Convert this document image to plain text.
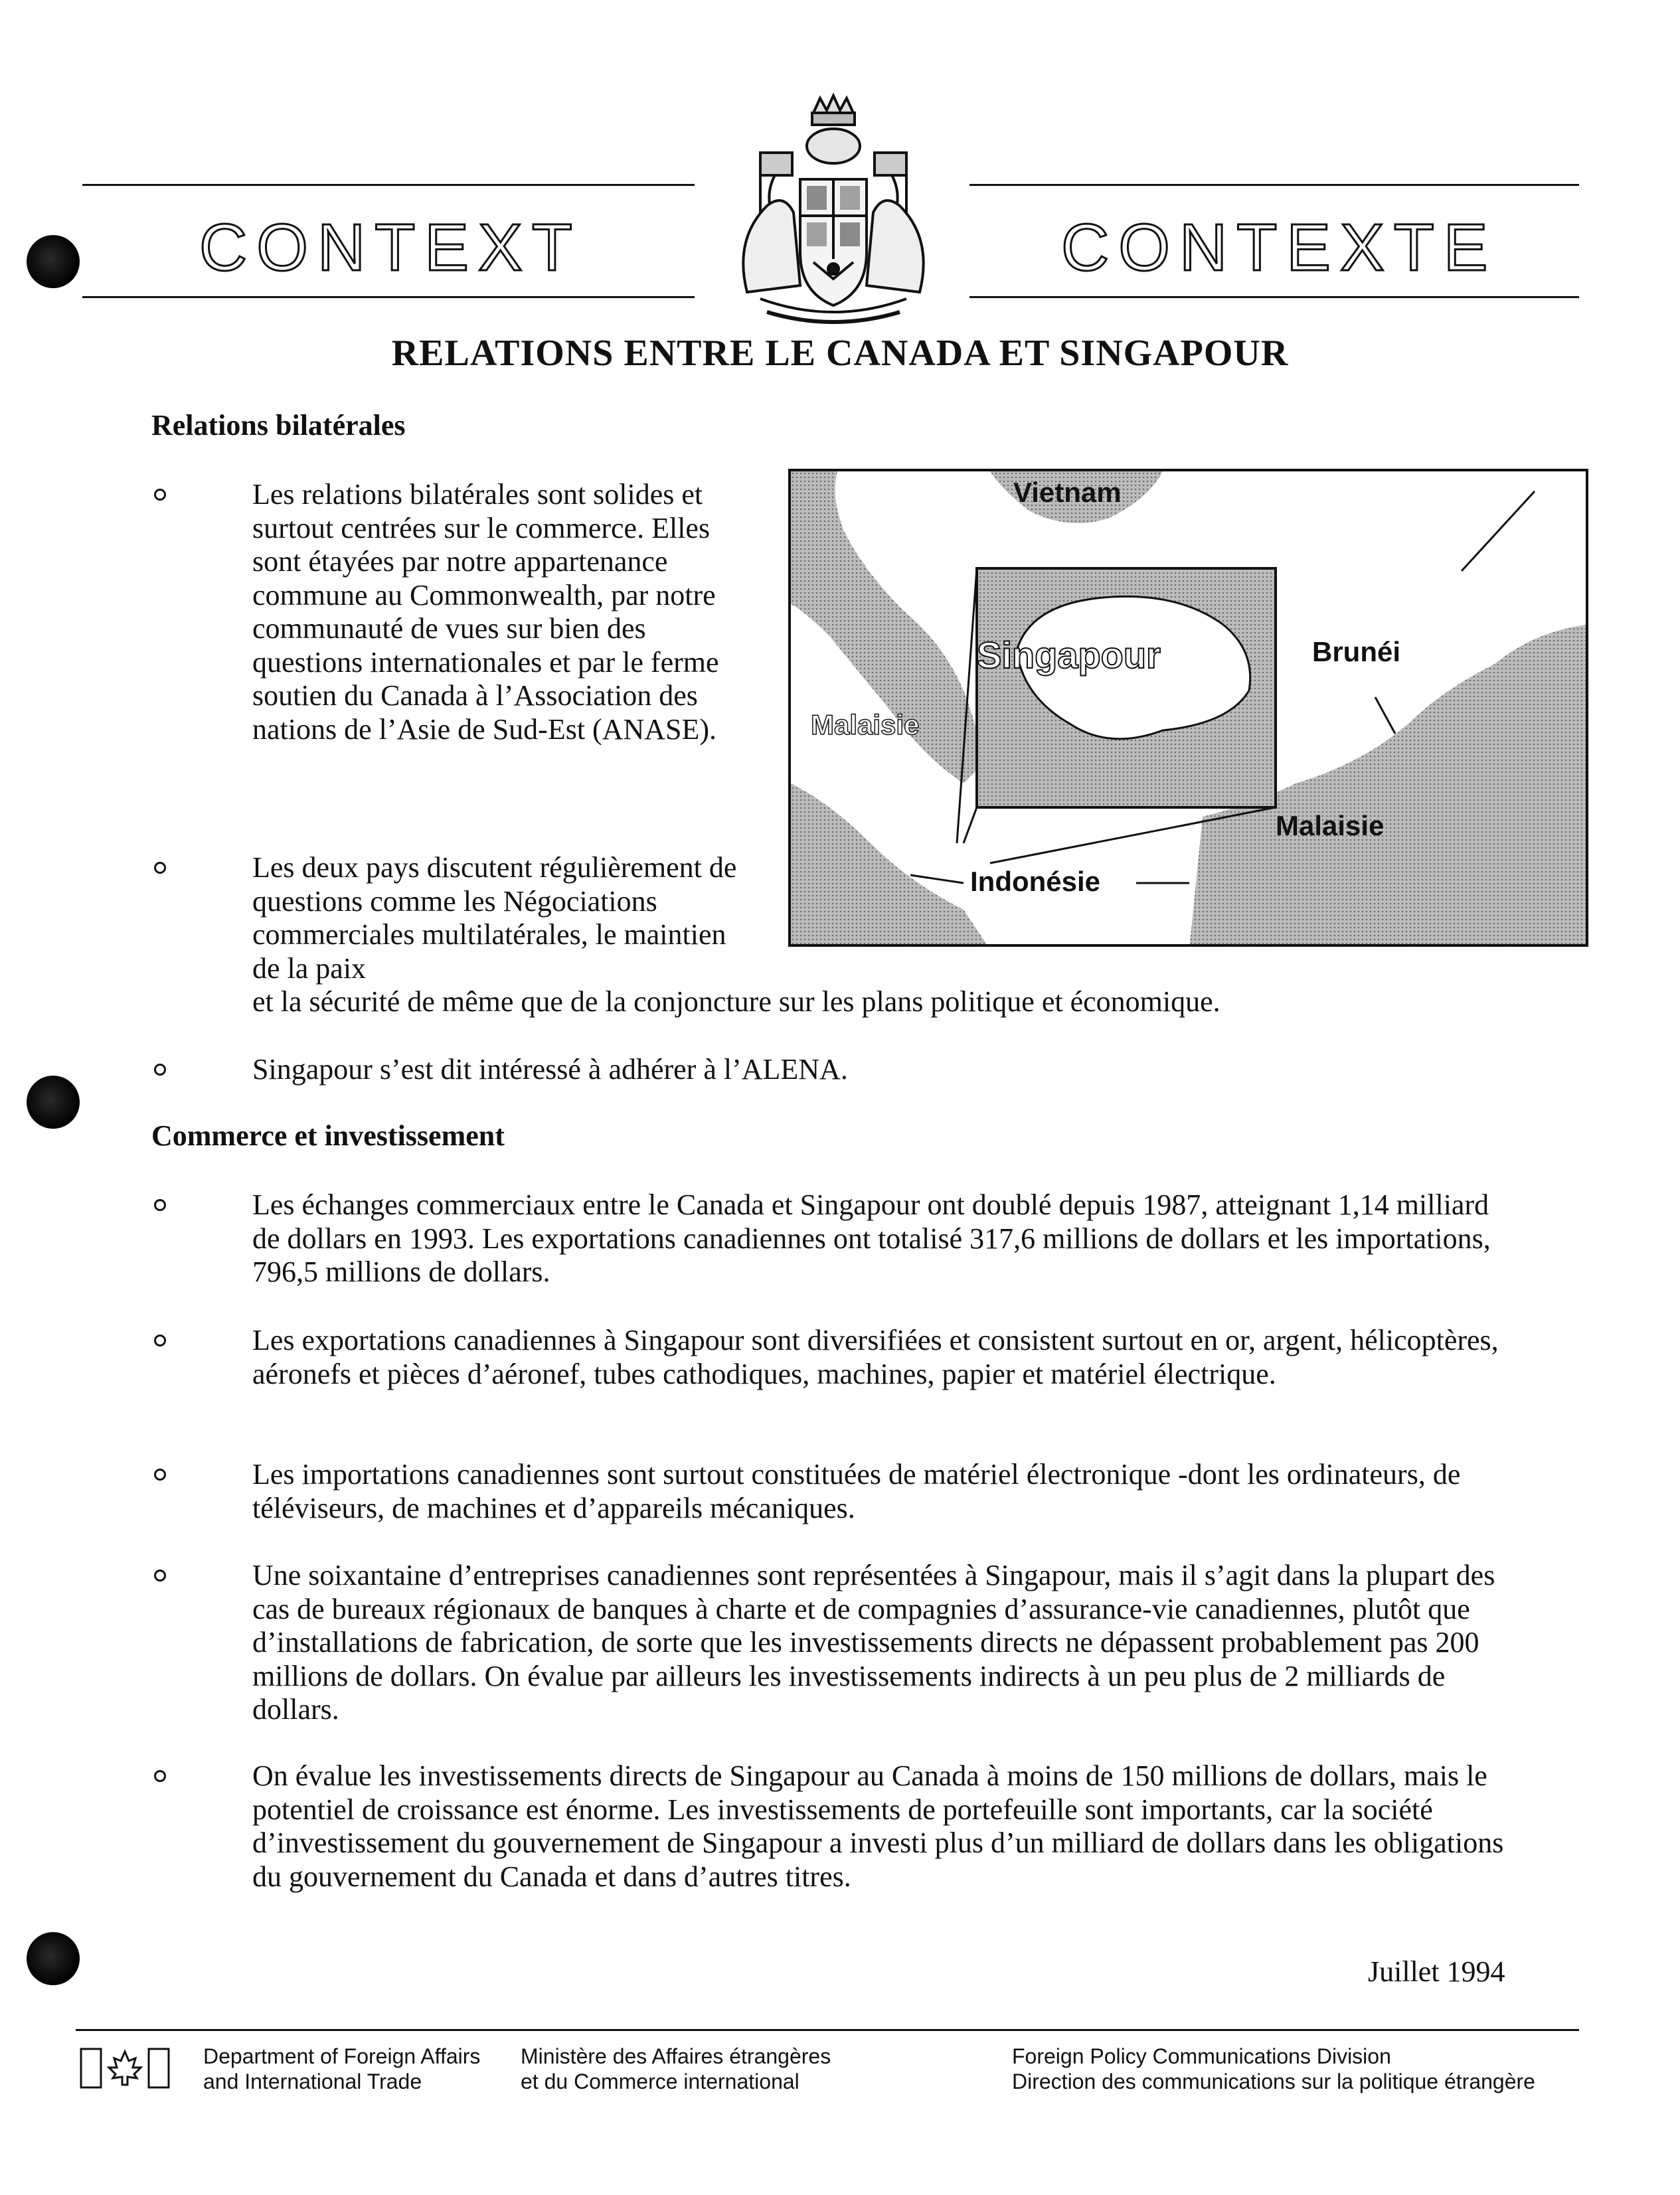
CONTEXT	CONTEXTE
RELATIONS ENTRE LE CANADA ET SINGAPOUR
Relations bilatérales

Les relations bilatérales sont solides et surtout centrées sur le commerce. Elles sont étayées par notre appartenance commune au Commonwealth, par notre communauté de vues sur bien des questions internationales et par le ferme soutien du Canada à l’Association des nations de l’Asie de Sud-Est (ANASE).

Les deux pays discutent régulièrement de questions comme les Négociations commerciales multilatérales, le maintien de la paix

et la sécurité de même que de la conjoncture sur les plans politique et économique.

Singapour s’est dit intéressé à adhérer à l’ALENA.

Vietnam
Singapour	Brunéi
Malaisie
Malaisie
Indonésie
Commerce et investissement

Les échanges commerciaux entre le Canada et Singapour ont doublé depuis 1987, atteignant 1,14 milliard de dollars en 1993. Les exportations canadiennes ont totalisé 317,6 millions de dollars et les importations, 796,5 millions de dollars.

Les exportations canadiennes à Singapour sont diversifiées et consistent surtout en or, argent, hélicoptères, aéronefs et pièces d’aéronef, tubes cathodiques, machines, papier et matériel électrique.

Les importations canadiennes sont surtout constituées de matériel électronique -dont les ordinateurs, de téléviseurs, de machines et d’appareils mécaniques.

Une soixantaine d’entreprises canadiennes sont représentées à Singapour, mais il s’agit dans la plupart des cas de bureaux régionaux de banques à charte et de compagnies d’assurance-vie canadiennes, plutôt que d’installations de fabrication, de sorte que les investissements directs ne dépassent probablement pas 200 millions de dollars. On évalue par ailleurs les investissements indirects à un peu plus de 2 milliards de dollars.

On évalue les investissements directs de Singapour au Canada à moins de 150 millions de dollars, mais le potentiel de croissance est énorme. Les investissements de portefeuille sont importants, car la société d’investissement du gouvernement de Singapour a investi plus d’un milliard de dollars dans les obligations du gouvernement du Canada et dans d’autres titres.

Juillet 1994
Department of Foreign Affairs
and International Trade
Ministère des Affaires étrangères
et du Commerce international
Foreign Policy Communications Division
Direction des communications sur la politique étrangère
